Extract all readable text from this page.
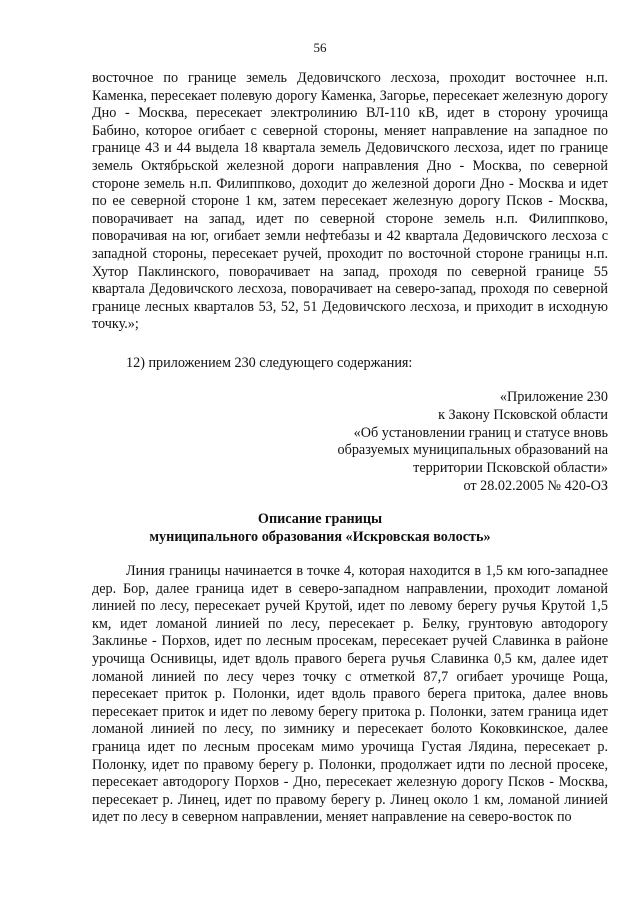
56
восточное по границе земель Дедовичского лесхоза, проходит восточнее н.п. Каменка, пересекает полевую дорогу Каменка, Загорье, пересекает железную дорогу Дно - Москва, пересекает электролинию ВЛ-110 кВ, идет в сторону урочища Бабино, которое огибает с северной стороны, меняет направление на западное по границе 43 и 44 выдела 18 квартала земель Дедовичского лесхоза, идет по границе земель Октябрьской железной дороги направления Дно - Москва, по северной стороне земель н.п. Филиппково, доходит до железной дороги Дно - Москва и идет по ее северной стороне 1 км, затем пересекает железную дорогу Псков - Москва, поворачивает на запад, идет по северной стороне земель н.п. Филиппково, поворачивая на юг, огибает земли нефтебазы и 42 квартала Дедовичского лесхоза с западной стороны, пересекает ручей, проходит по восточной стороне границы н.п. Хутор Паклинского, поворачивает на запад, проходя по северной границе 55 квартала Дедовичского лесхоза, поворачивает на северо-запад, проходя по северной границе лесных кварталов 53, 52, 51 Дедовичского лесхоза, и приходит в исходную точку.»;
12) приложением 230 следующего содержания:
«Приложение 230
к Закону Псковской области
«Об установлении границ и статусе вновь
образуемых муниципальных образований на
территории Псковской области»
от 28.02.2005 № 420-ОЗ
Описание границы
муниципального образования «Искровская волость»
Линия границы начинается в точке 4, которая находится в 1,5 км юго-западнее дер. Бор, далее граница идет в северо-западном направлении, проходит ломаной линией по лесу, пересекает ручей Крутой, идет по левому берегу ручья Крутой 1,5 км, идет ломаной линией по лесу, пересекает р. Белку, грунтовую автодорогу Заклинье - Порхов, идет по лесным просекам, пересекает ручей Славинка в районе урочища Оснивицы, идет вдоль правого берега ручья Славинка 0,5 км, далее идет ломаной линией по лесу через точку с отметкой 87,7 огибает урочище Роща, пересекает приток р. Полонки, идет вдоль правого берега притока, далее вновь пересекает приток и идет по левому берегу притока р. Полонки, затем граница идет ломаной линией по лесу, по зимнику и пересекает болото Коковкинское, далее граница идет по лесным просекам мимо урочища Густая Лядина, пересекает р. Полонку, идет по правому берегу р. Полонки, продолжает идти по лесной просеке, пересекает автодорогу Порхов - Дно, пересекает железную дорогу Псков - Москва, пересекает р. Линец, идет по правому берегу р. Линец около 1 км, ломаной линией идет по лесу в северном направлении, меняет направление на северо-восток по
